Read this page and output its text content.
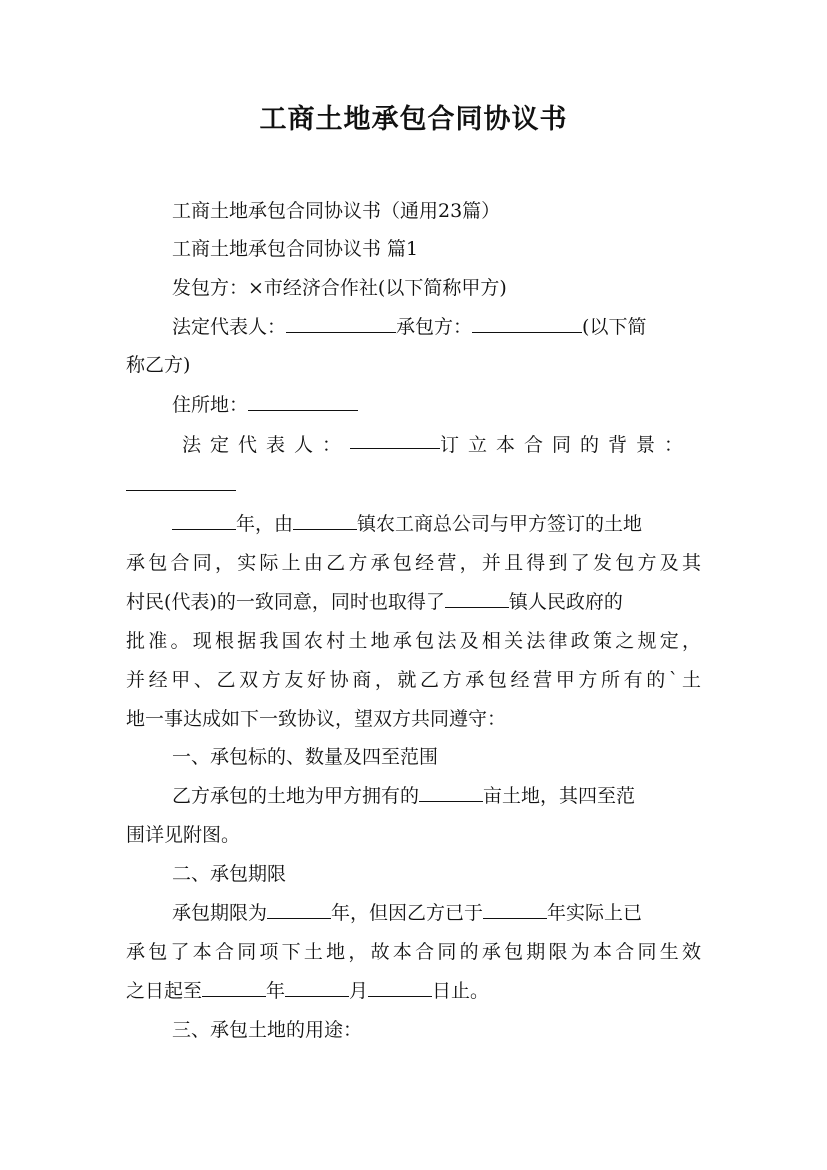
工商土地承包合同协议书
工商土地承包合同协议书（通用23篇）
工商土地承包合同协议书 篇1
发包方：×市经济合作社(以下简称甲方)
法定代表人：	承包方：	(以下简
称乙方)
住所地：
法定代表人：	订立本合同的背景：
年，由	镇农工商总公司与甲方签订的土地
承包合同，实际上由乙方承包经营，并且得到了发包方及其
村民(代表)的一致同意，同时也取得了	镇人民政府的
批准。现根据我国农村土地承包法及相关法律政策之规定，
并经甲、乙双方友好协商，就乙方承包经营甲方所有的`土
地一事达成如下一致协议，望双方共同遵守：
一、承包标的、数量及四至范围
乙方承包的土地为甲方拥有的	亩土地，其四至范
围详见附图。
二、承包期限
承包期限为	年，但因乙方已于	年实际上已
承包了本合同项下土地，故本合同的承包期限为本合同生效
之日起至	年	月	日止。
三、承包土地的用途：
